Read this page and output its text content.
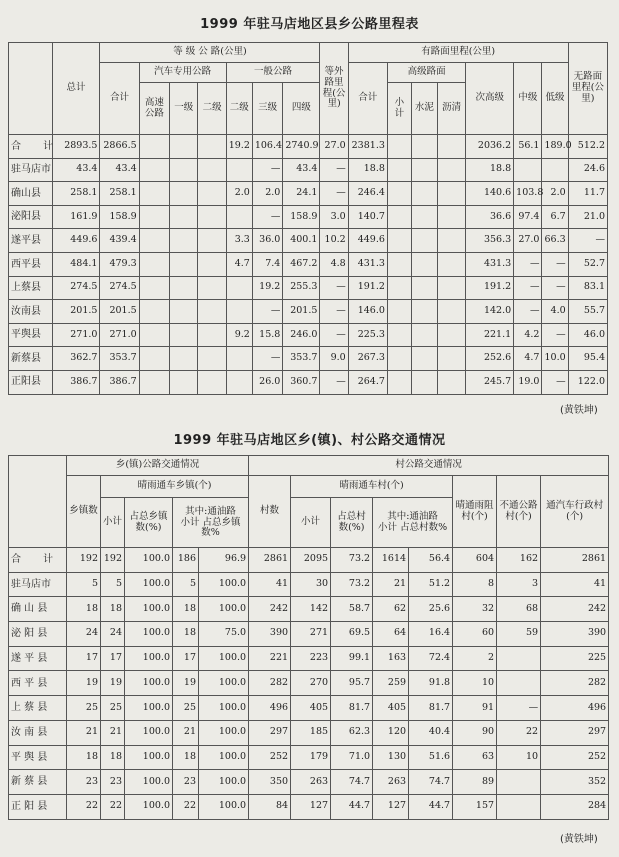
1999 年驻马店地区县乡公路里程表
	总计	等 级 公 路(公里)							等外路里程(公里)	有路面里程(公里)							无路面里程(公里)
		合计	汽车专用公路			一般公路				合计	高级路面			次高级	中级	低级	
			高速公路	一级	二级	二级	三级	四级			小计	水泥	沥清				
合　计	2893.5	2866.5				19.2	106.4	2740.9	27.0	2381.3				2036.2	56.1	189.0	512.2
驻马店市	43.4	43.4					—	43.4	—	18.8				18.8			24.6
确山县	258.1	258.1				2.0	2.0	24.1	—	246.4				140.6	103.8	2.0	11.7
泌阳县	161.9	158.9					—	158.9	3.0	140.7				36.6	97.4	6.7	21.0
遂平县	449.6	439.4				3.3	36.0	400.1	10.2	449.6				356.3	27.0	66.3	—
西平县	484.1	479.3				4.7	7.4	467.2	4.8	431.3				431.3	—	—	52.7
上蔡县	274.5	274.5					19.2	255.3	—	191.2				191.2	—	—	83.1
汝南县	201.5	201.5					—	201.5	—	146.0				142.0	—	4.0	55.7
平舆县	271.0	271.0				9.2	15.8	246.0	—	225.3				221.1	4.2	—	46.0
新蔡县	362.7	353.7					—	353.7	9.0	267.3				252.6	4.7	10.0	95.4
正阳县	386.7	386.7					26.0	360.7	—	264.7				245.7	19.0	—	122.0
(黄铁坤)
1999 年驻马店地区乡(镇)、村公路交通情况
	乡(镇)公路交通情况					村公路交通情况							
	乡镇数	晴雨通车乡镇(个)				村数	晴雨通车村(个)				晴通雨阻村(个)	不通公路村(个)	通汽车行政村(个)
		小计	占总乡镇数(%)	其中:通油路
小计 占总乡镇数%			小计	占总村数(%)	其中:通油路
小计 占总村数%				
合　计	192	192	100.0	186	96.9	2861	2095	73.2	1614	56.4	604	162	2861
驻马店市	5	5	100.0	5	100.0	41	30	73.2	21	51.2	8	3	41
确 山 县	18	18	100.0	18	100.0	242	142	58.7	62	25.6	32	68	242
泌 阳 县	24	24	100.0	18	75.0	390	271	69.5	64	16.4	60	59	390
遂 平 县	17	17	100.0	17	100.0	221	223	99.1	163	72.4	2		225
西 平 县	19	19	100.0	19	100.0	282	270	95.7	259	91.8	10		282
上 蔡 县	25	25	100.0	25	100.0	496	405	81.7	405	81.7	91	—	496
汝 南 县	21	21	100.0	21	100.0	297	185	62.3	120	40.4	90	22	297
平 舆 县	18	18	100.0	18	100.0	252	179	71.0	130	51.6	63	10	252
新 蔡 县	23	23	100.0	23	100.0	350	263	74.7	263	74.7	89		352
正 阳 县	22	22	100.0	22	100.0	84	127	44.7	127	44.7	157		284
(黄铁坤)
